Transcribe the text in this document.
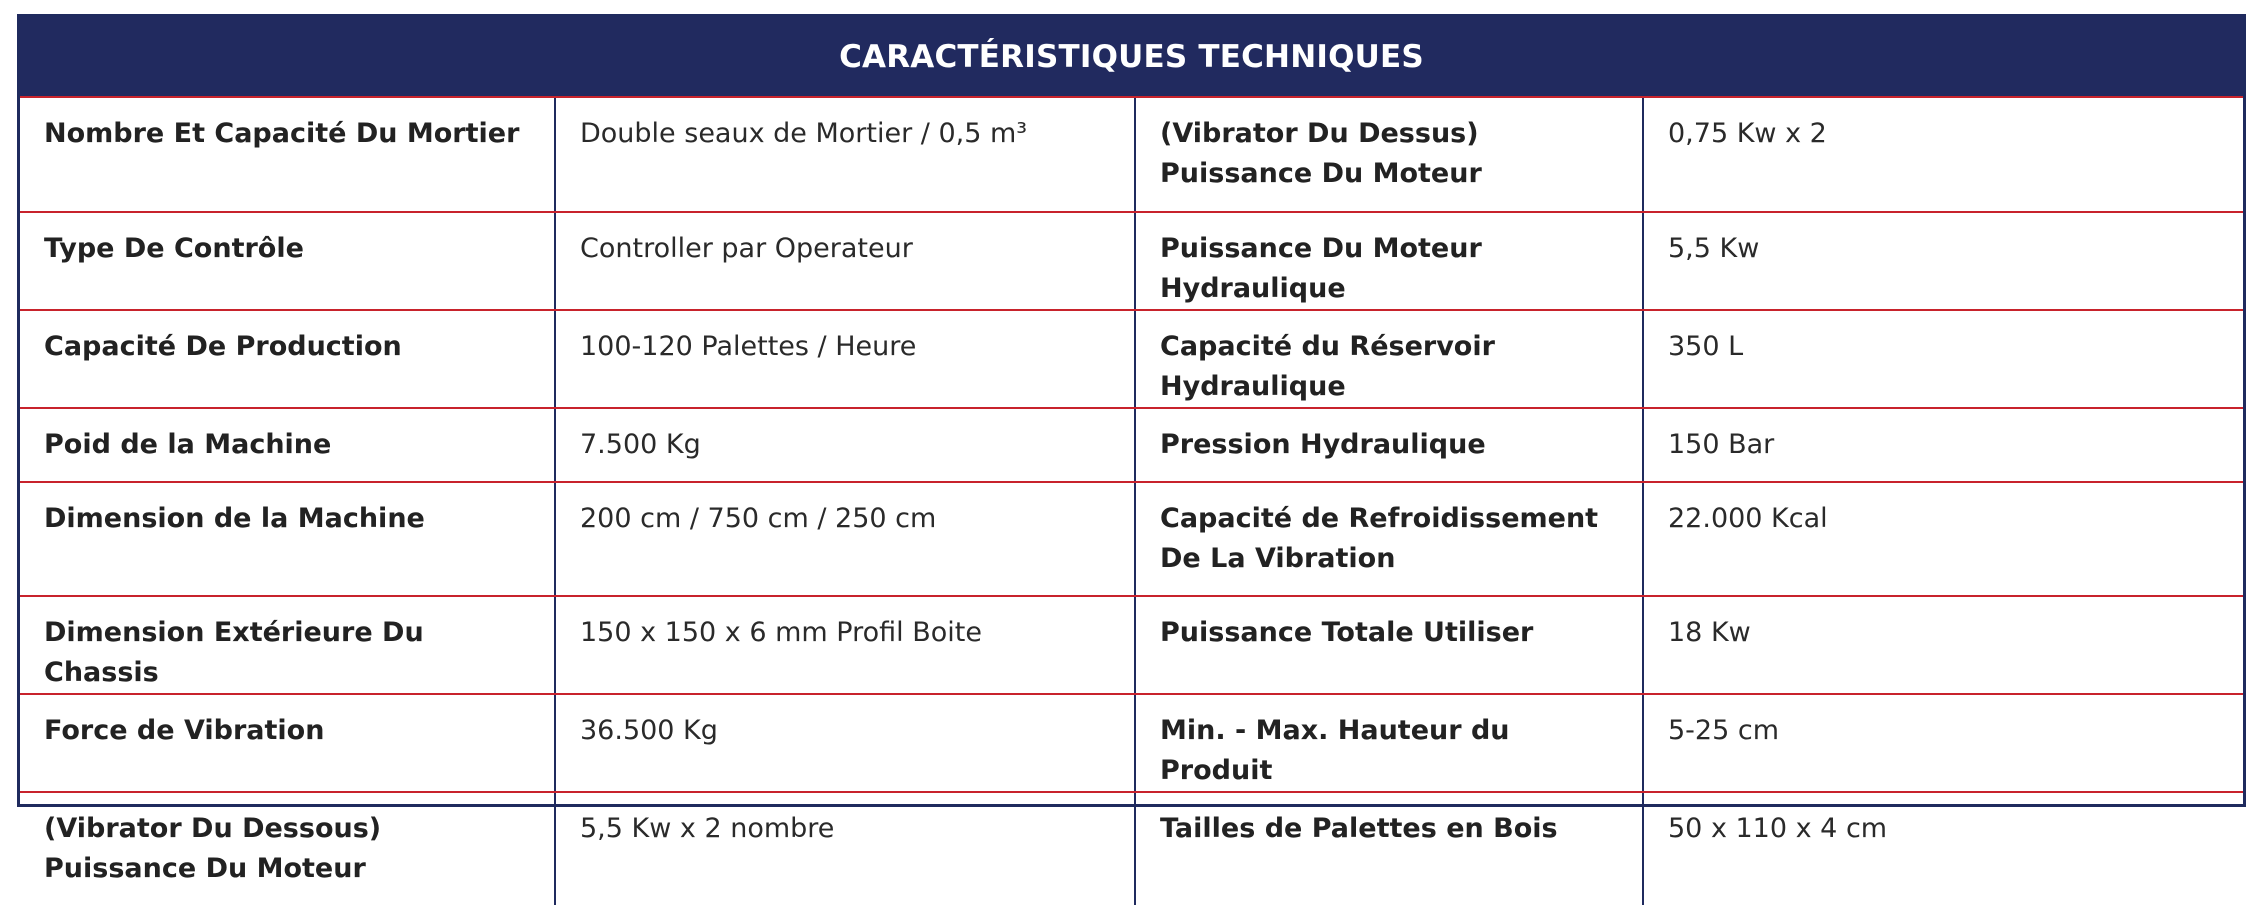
CARACTÉRISTIQUES TECHNIQUES
Nombre Et Capacité Du Mortier	Double seaux de Mortier / 0,5 m³	(Vibrator Du Dessus) Puissance Du Moteur	0,75 Kw x 2
Type De Contrôle	Controller par Operateur	Puissance Du Moteur Hydraulique	5,5 Kw
Capacité De Production	100-120 Palettes / Heure	Capacité du Réservoir Hydraulique	350 L
Poid de la Machine	7.500 Kg	Pression Hydraulique	150 Bar
Dimension de la Machine	200 cm / 750 cm / 250 cm	Capacité de Refroidissement De La Vibration	22.000 Kcal
Dimension Extérieure Du Chassis	150 x 150 x 6 mm Profil Boite	Puissance Totale Utiliser	18 Kw
Force de Vibration	36.500 Kg	Min. - Max. Hauteur du Produit	5-25 cm
(Vibrator Du Dessous) Puissance Du Moteur	5,5 Kw x 2 nombre	Tailles de Palettes en Bois	50 x 110 x 4 cm
